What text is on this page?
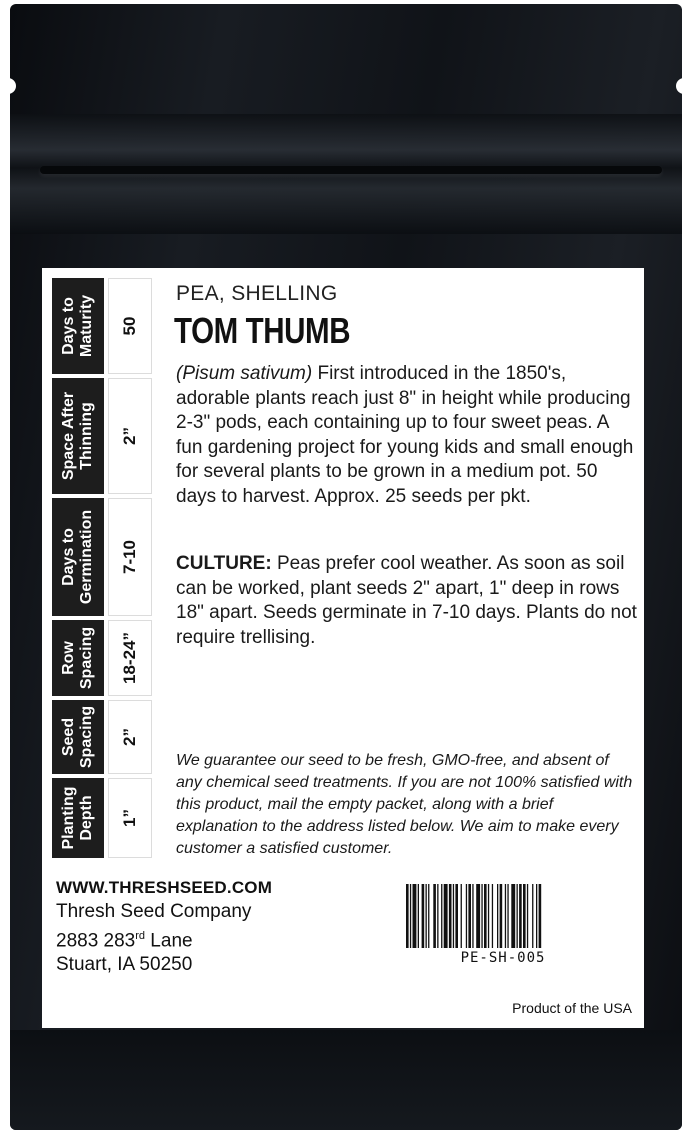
Days to
Maturity 50
Space After
Thinning 2”
Days to
Germination 7-10
Row
Spacing 18-24”
Seed
Spacing 2”
Planting
Depth 1”
PEA, SHELLING
TOM THUMB
(Pisum sativum) First introduced in the 1850's, adorable plants reach just 8" in height while producing 2-3" pods, each containing up to four sweet peas. A fun gardening project for young kids and small enough for several plants to be grown in a medium pot. 50 days to harvest. Approx. 25 seeds per pkt.
CULTURE: Peas prefer cool weather. As soon as soil can be worked, plant seeds 2" apart, 1" deep in rows 18" apart. Seeds germinate in 7-10 days. Plants do not require trellising.
We guarantee our seed to be fresh, GMO-free, and absent of any chemical seed treatments. If you are not 100% satisfied with this product, mail the empty packet, along with a brief explanation to the address listed below. We aim to make every customer a satisfied customer.
WWW.THRESHSEED.COM
Thresh Seed Company
2883 283rd Lane
Stuart, IA 50250	PE-SH-005
Product of the USA
